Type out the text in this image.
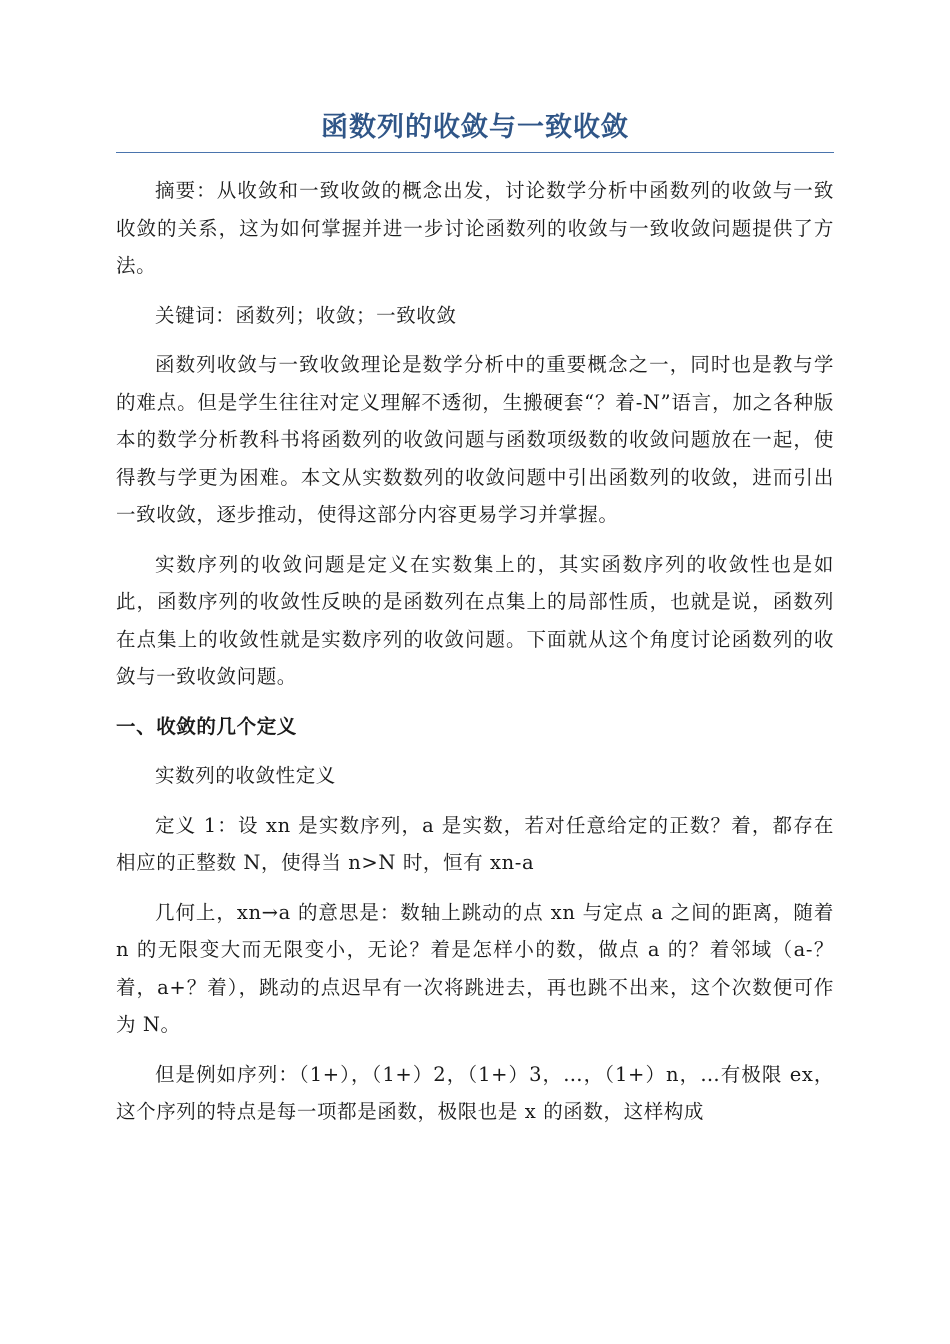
函数列的收敛与一致收敛

摘要：从收敛和一致收敛的概念出发，讨论数学分析中函数列的收敛与一致收敛的关系，这为如何掌握并进一步讨论函数列的收敛与一致收敛问题提供了方法。

关键词：函数列；收敛；一致收敛

函数列收敛与一致收敛理论是数学分析中的重要概念之一，同时也是教与学的难点。但是学生往往对定义理解不透彻，生搬硬套“？着-N”语言，加之各种版本的数学分析教科书将函数列的收敛问题与函数项级数的收敛问题放在一起，使得教与学更为困难。本文从实数数列的收敛问题中引出函数列的收敛，进而引出一致收敛，逐步推动，使得这部分内容更易学习并掌握。

实数序列的收敛问题是定义在实数集上的，其实函数序列的收敛性也是如此，函数序列的收敛性反映的是函数列在点集上的局部性质，也就是说，函数列在点集上的收敛性就是实数序列的收敛问题。下面就从这个角度讨论函数列的收敛与一致收敛问题。

一、收敛的几个定义

实数列的收敛性定义

定义 1：设 xn 是实数序列，a 是实数，若对任意给定的正数？着，都存在相应的正整数 N，使得当 n>N 时，恒有 xn-a

几何上，xn→a 的意思是：数轴上跳动的点 xn 与定点 a 之间的距离，随着 n 的无限变大而无限变小，无论？着是怎样小的数，做点 a 的？着邻域（a-？着，a+？着），跳动的点迟早有一次将跳进去，再也跳不出来，这个次数便可作为 N。

但是例如序列：（1+），（1+）2，（1+）3，…，（1+）n，…有极限 ex，这个序列的特点是每一项都是函数，极限也是 x 的函数，这样构成
